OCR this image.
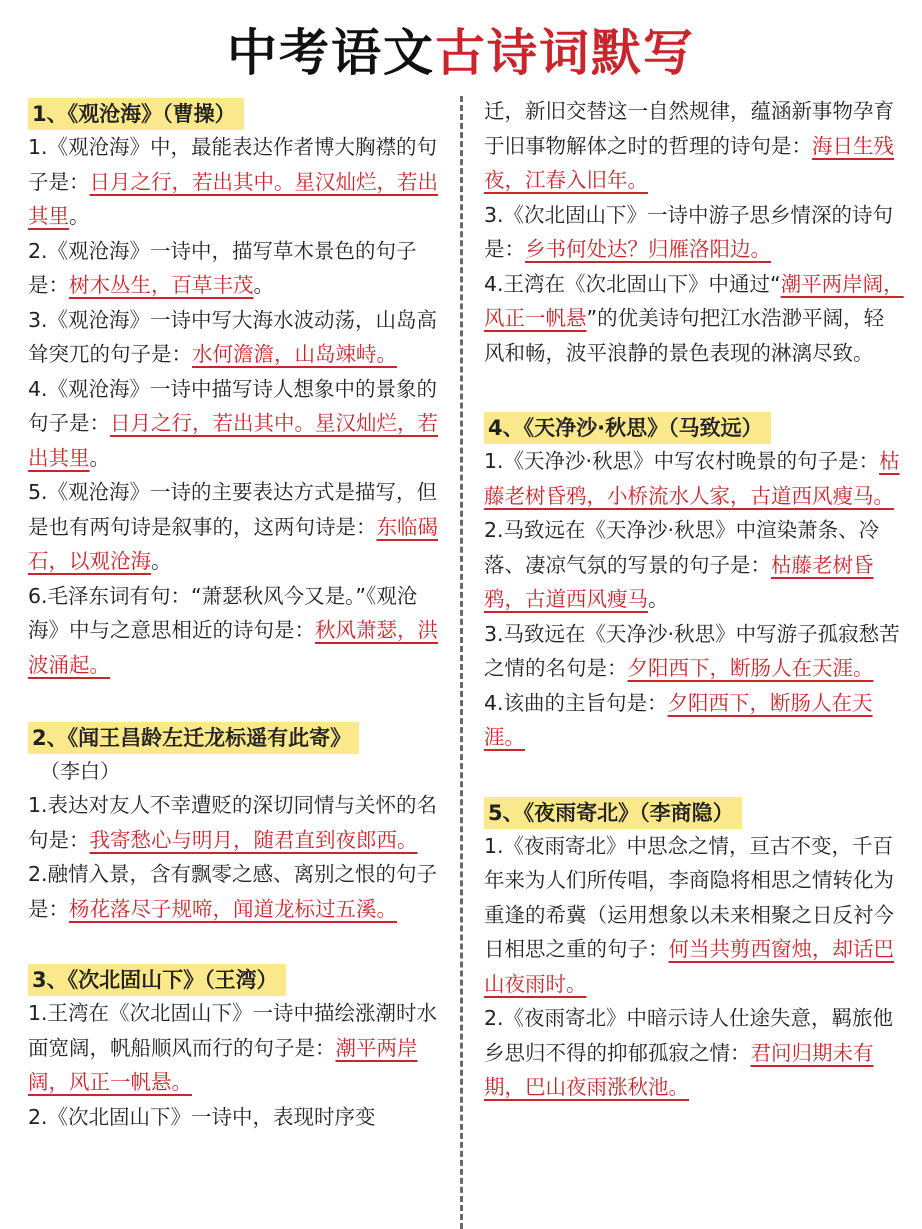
中考语文古诗词默写
1、《观沧海》（曹操）

1.《观沧海》中，最能表达作者博大胸襟的句子是：日月之行，若出其中。星汉灿烂，若出其里。

2.《观沧海》一诗中，描写草木景色的句子是：树木丛生，百草丰茂。

3.《观沧海》一诗中写大海水波动荡，山岛高耸突兀的句子是：水何澹澹，山岛竦峙。

4.《观沧海》一诗中描写诗人想象中的景象的句子是：日月之行，若出其中。星汉灿烂，若出其里。

5.《观沧海》一诗的主要表达方式是描写，但是也有两句诗是叙事的，这两句诗是：东临碣石，以观沧海。

6.毛泽东词有句：“萧瑟秋风今又是。”《观沧海》中与之意思相近的诗句是：秋风萧瑟，洪波涌起。

2、《闻王昌龄左迁龙标遥有此寄》
（李白）

1.表达对友人不幸遭贬的深切同情与关怀的名句是：我寄愁心与明月，随君直到夜郎西。

2.融情入景，含有飘零之感、离别之恨的句子是：杨花落尽子规啼，闻道龙标过五溪。

3、《次北固山下》（王湾）

1.王湾在《次北固山下》一诗中描绘涨潮时水面宽阔，帆船顺风而行的句子是：潮平两岸阔，风正一帆悬。

2.《次北固山下》一诗中，表现时序变

迁，新旧交替这一自然规律，蕴涵新事物孕育于旧事物解体之时的哲理的诗句是：海日生残夜，江春入旧年。

3.《次北固山下》一诗中游子思乡情深的诗句是：乡书何处达？归雁洛阳边。

4.王湾在《次北固山下》中通过“潮平两岸阔，风正一帆悬”的优美诗句把江水浩渺平阔，轻风和畅，波平浪静的景色表现的淋漓尽致。

4、《天净沙·秋思》（马致远）

1.《天净沙·秋思》中写农村晚景的句子是：枯藤老树昏鸦，小桥流水人家，古道西风瘦马。

2.马致远在《天净沙·秋思》中渲染萧条、冷落、凄凉气氛的写景的句子是：枯藤老树昏鸦，古道西风瘦马。

3.马致远在《天净沙·秋思》中写游子孤寂愁苦之情的名句是：夕阳西下，断肠人在天涯。

4.该曲的主旨句是：夕阳西下，断肠人在天涯。

5、《夜雨寄北》（李商隐）

1.《夜雨寄北》中思念之情，亘古不变，千百年来为人们所传唱，李商隐将相思之情转化为重逢的希冀（运用想象以未来相聚之日反衬今日相思之重的句子：何当共剪西窗烛，却话巴山夜雨时。

2.《夜雨寄北》中暗示诗人仕途失意，羁旅他乡思归不得的抑郁孤寂之情：君问归期未有期，巴山夜雨涨秋池。
